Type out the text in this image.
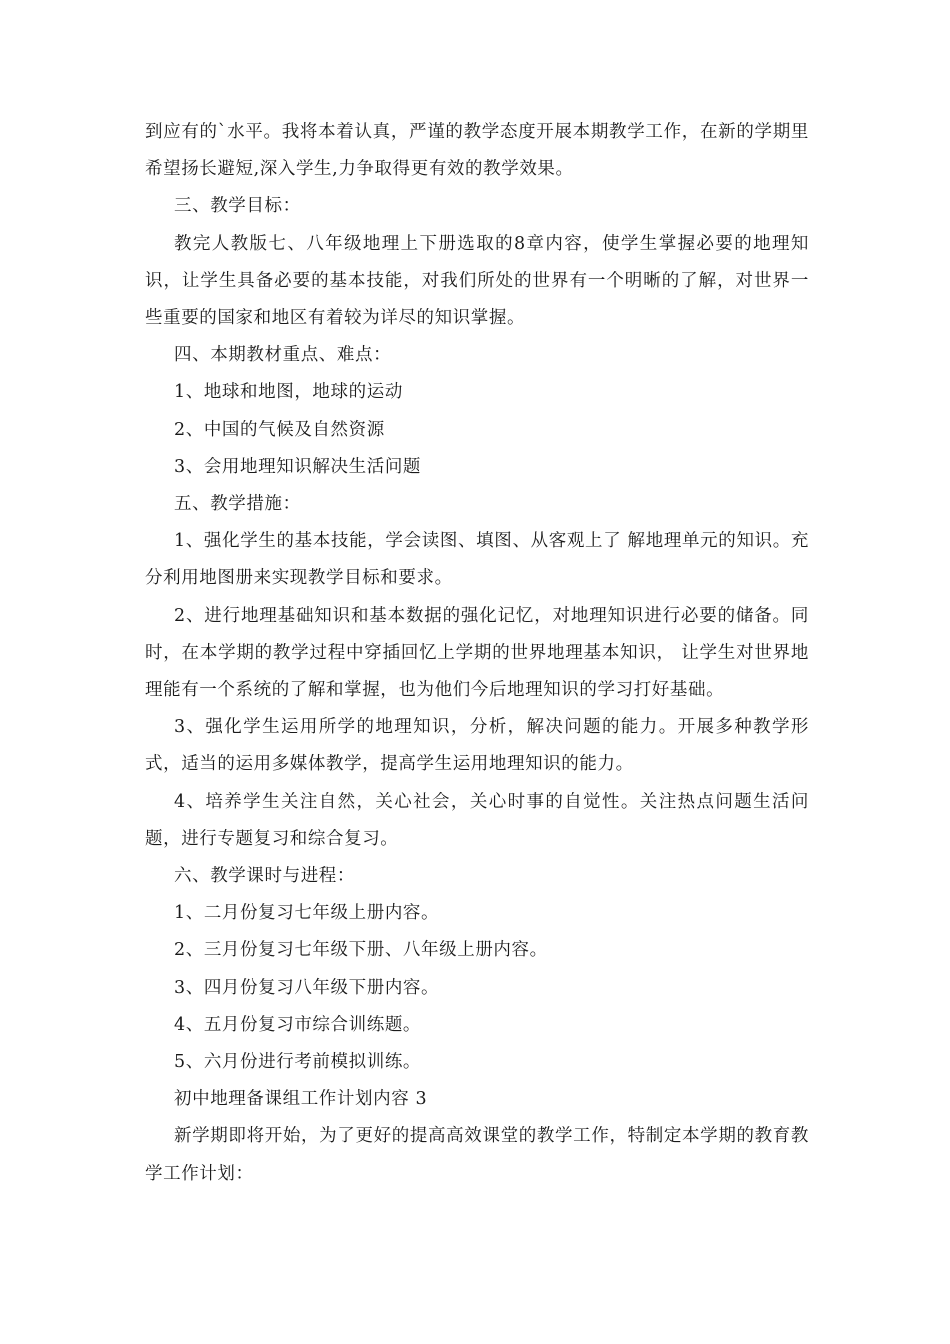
到应有的`水平。我将本着认真，严谨的教学态度开展本期教学工作，在新的学期里希望扬长避短,深入学生,力争取得更有效的教学效果。

三、教学目标：

教完人教版七、八年级地理上下册选取的8章内容，使学生掌握必要的地理知识，让学生具备必要的基本技能，对我们所处的世界有一个明晰的了解，对世界一些重要的国家和地区有着较为详尽的知识掌握。

四、本期教材重点、难点：

1、地球和地图，地球的运动

2、中国的气候及自然资源

3、会用地理知识解决生活问题

五、教学措施：

1、强化学生的基本技能，学会读图、填图、从客观上了 解地理单元的知识。充分利用地图册来实现教学目标和要求。

2、进行地理基础知识和基本数据的强化记忆，对地理知识进行必要的储备。同时，在本学期的教学过程中穿插回忆上学期的世界地理基本知识， 让学生对世界地理能有一个系统的了解和掌握，也为他们今后地理知识的学习打好基础。

3、强化学生运用所学的地理知识，分析，解决问题的能力。开展多种教学形式，适当的运用多媒体教学，提高学生运用地理知识的能力。

4、培养学生关注自然，关心社会，关心时事的自觉性。关注热点问题生活问题，进行专题复习和综合复习。

六、教学课时与进程：

1、二月份复习七年级上册内容。

2、三月份复习七年级下册、八年级上册内容。

3、四月份复习八年级下册内容。

4、五月份复习市综合训练题。

5、六月份进行考前模拟训练。

初中地理备课组工作计划内容 3

新学期即将开始，为了更好的提高高效课堂的教学工作，特制定本学期的教育教学工作计划：
